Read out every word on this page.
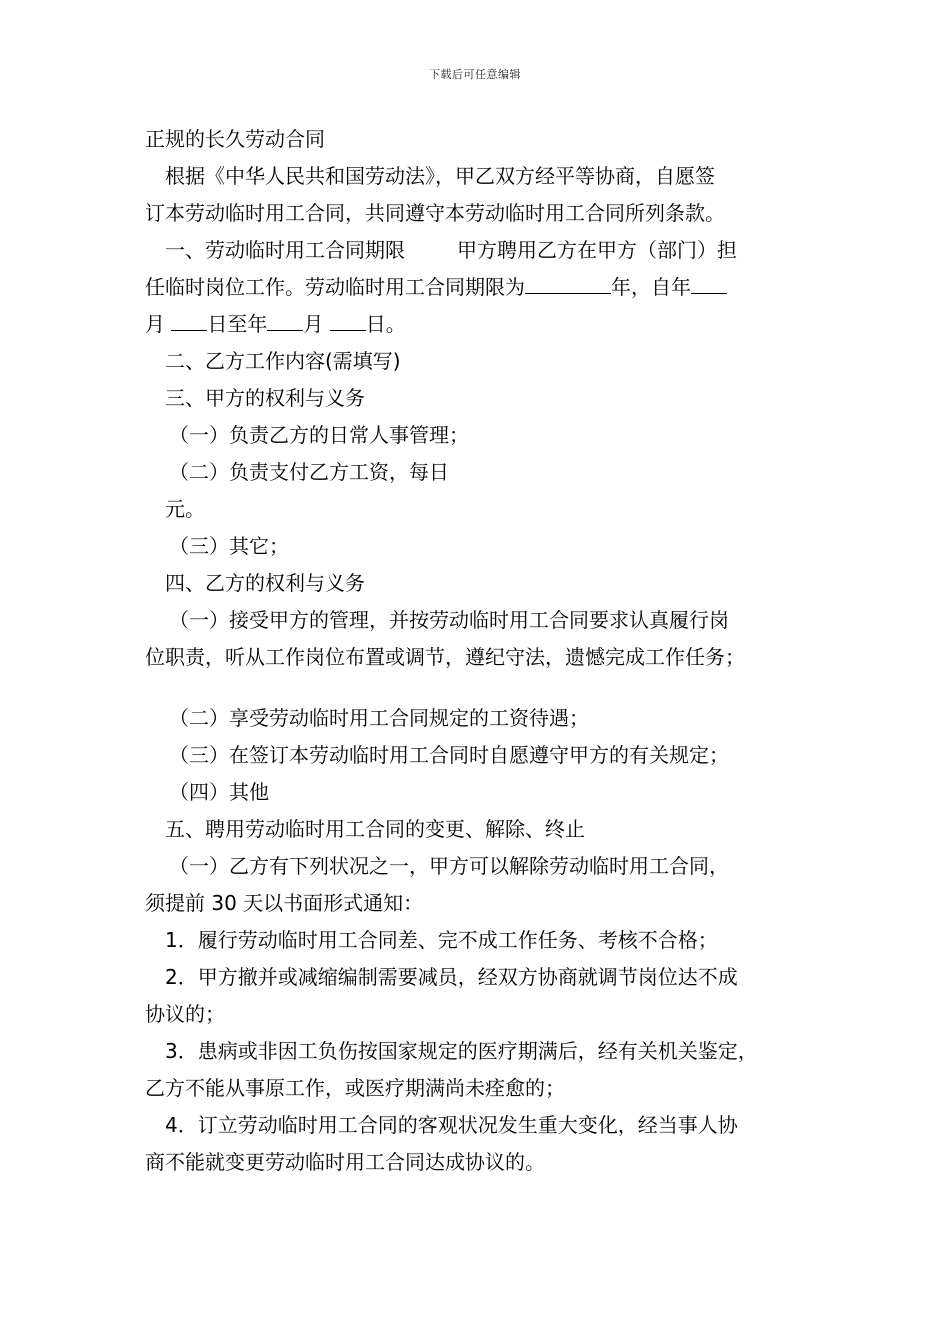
下载后可任意编辑
正规的长久劳动合同
根据《中华人民共和国劳动法》，甲乙双方经平等协商，自愿签
订本劳动临时用工合同，共同遵守本劳动临时用工合同所列条款。
一、劳动临时用工合同期限	甲方聘用乙方在甲方（部门）担
任临时岗位工作。劳动临时用工合同期限为	年，自年
月 日至年 月 日。
二、乙方工作内容(需填写)
三、甲方的权利与义务
（一）负责乙方的日常人事管理；
（二）负责支付乙方工资，每日
元。
（三）其它；
四、乙方的权利与义务
（一）接受甲方的管理，并按劳动临时用工合同要求认真履行岗
位职责，听从工作岗位布置或调节，遵纪守法，遗憾完成工作任务；
（二）享受劳动临时用工合同规定的工资待遇；
（三）在签订本劳动临时用工合同时自愿遵守甲方的有关规定；
（四）其他
五、聘用劳动临时用工合同的变更、解除、终止
（一）乙方有下列状况之一，甲方可以解除劳动临时用工合同，
须提前 30 天以书面形式通知：
1．履行劳动临时用工合同差、完不成工作任务、考核不合格；
2．甲方撤并或减缩编制需要减员，经双方协商就调节岗位达不成
协议的；
3．患病或非因工负伤按国家规定的医疗期满后，经有关机关鉴定，
乙方不能从事原工作，或医疗期满尚未痊愈的；
4．订立劳动临时用工合同的客观状况发生重大变化，经当事人协
商不能就变更劳动临时用工合同达成协议的。
